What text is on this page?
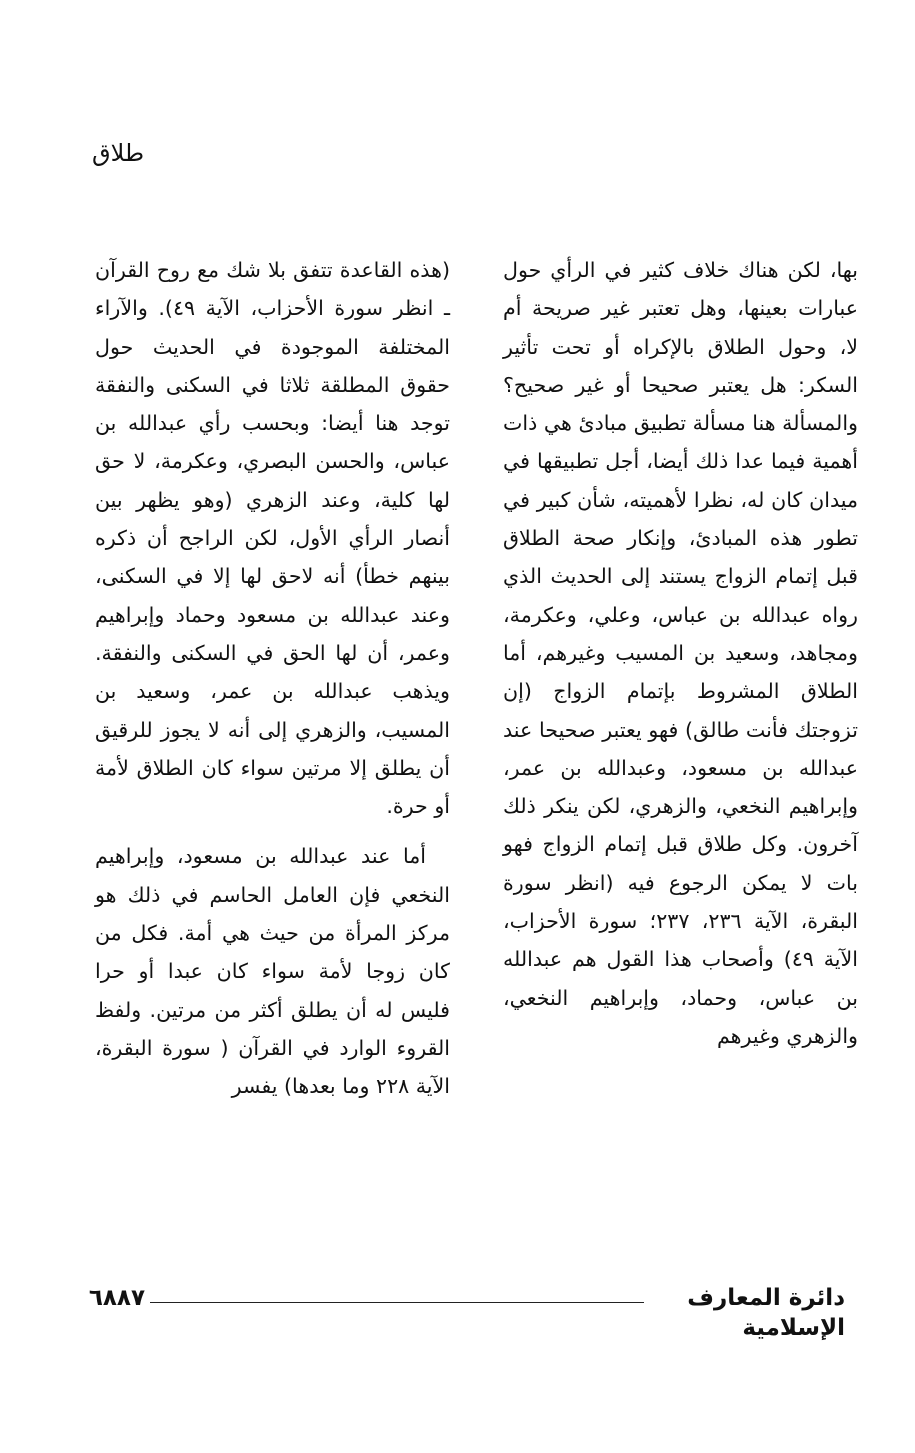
طلاق

بها، لكن هناك خلاف كثير في الرأي حول عبارات بعينها، وهل تعتبر غير صريحة أم لا، وحول الطلاق بالإكراه أو تحت تأثير السكر: هل يعتبر صحيحا أو غير صحيح؟ والمسألة هنا مسألة تطبيق مبادئ هي ذات أهمية فيما عدا ذلك أيضا، أجل تطبيقها في ميدان كان له، نظرا لأهميته، شأن كبير في تطور هذه المبادئ، وإنكار صحة الطلاق قبل إتمام الزواج يستند إلى الحديث الذي رواه عبدالله بن عباس، وعلي، وعكرمة، ومجاهد، وسعيد بن المسيب وغيرهم، أما الطلاق المشروط بإتمام الزواج (إن تزوجتك فأنت طالق) فهو يعتبر صحيحا عند عبدالله بن مسعود، وعبدالله بن عمر، وإبراهيم النخعي، والزهري، لكن ينكر ذلك آخرون. وكل طلاق قبل إتمام الزواج فهو بات لا يمكن الرجوع فيه (انظر سورة البقرة، الآية ٢٣٦، ٢٣٧؛ سورة الأحزاب، الآية ٤٩) وأصحاب هذا القول هم عبدالله بن عباس، وحماد، وإبراهيم النخعي، والزهري وغيرهم

(هذه القاعدة تتفق بلا شك مع روح القرآن ـ انظر سورة الأحزاب، الآية ٤٩). والآراء المختلفة الموجودة في الحديث حول حقوق المطلقة ثلاثا في السكنى والنفقة توجد هنا أيضا: وبحسب رأي عبدالله بن عباس، والحسن البصري، وعكرمة، لا حق لها كلية، وعند الزهري (وهو يظهر بين أنصار الرأي الأول، لكن الراجح أن ذكره بينهم خطأ) أنه لاحق لها إلا في السكنى، وعند عبدالله بن مسعود وحماد وإبراهيم وعمر، أن لها الحق في السكنى والنفقة. ويذهب عبدالله بن عمر، وسعيد بن المسيب، والزهري إلى أنه لا يجوز للرقيق أن يطلق إلا مرتين سواء كان الطلاق لأمة أو حرة.

أما عند عبدالله بن مسعود، وإبراهيم النخعي فإن العامل الحاسم في ذلك هو مركز المرأة من حيث هي أمة. فكل من كان زوجا لأمة سواء كان عبدا أو حرا فليس له أن يطلق أكثر من مرتين. ولفظ القروء الوارد في القرآن ( سورة البقرة، الآية ٢٢٨ وما بعدها) يفسر

دائرة المعارف الإسلامية
٦٨٨٧
